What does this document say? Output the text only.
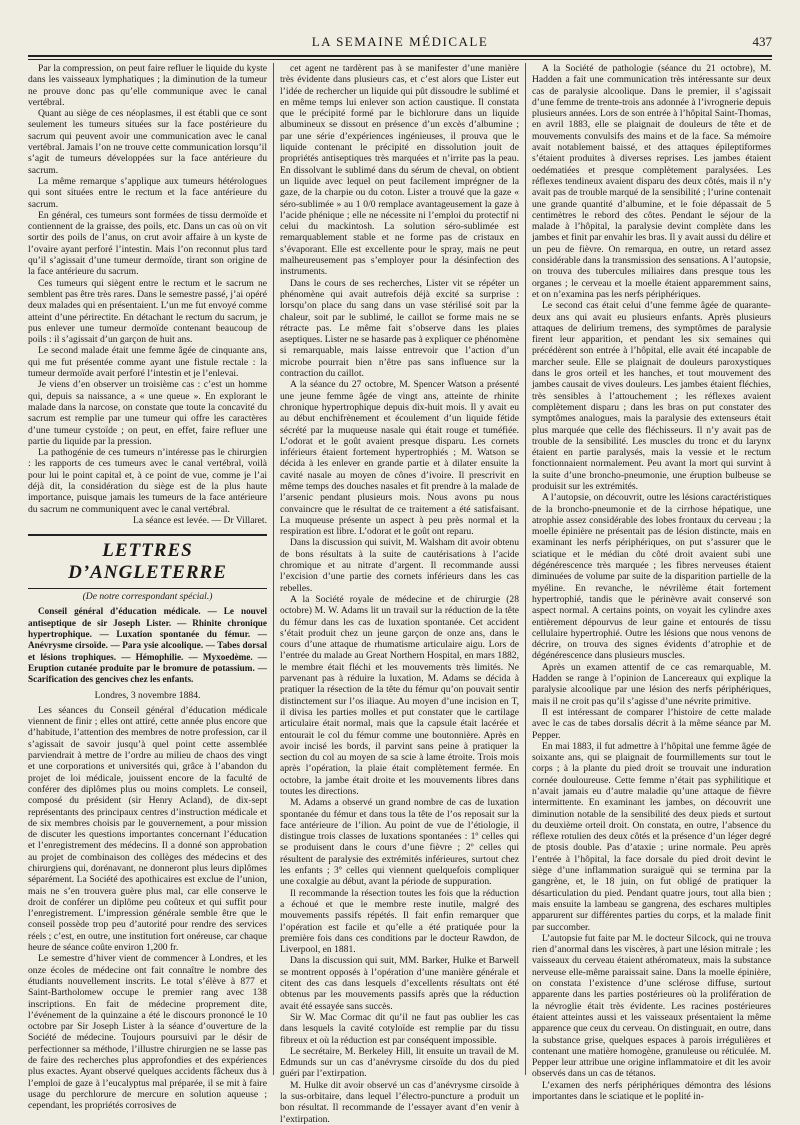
LA SEMAINE MÉDICALE	437

Par la compression, on peut faire refluer le liquide du kyste dans les vaisseaux lymphatiques ; la diminution de la tumeur ne prouve donc pas qu’elle communique avec le canal vertébral.

Quant au siège de ces néoplasmes, il est établi que ce sont seulement les tumeurs situées sur la face postérieure du sacrum qui peuvent avoir une communication avec le canal vertébral. Jamais l’on ne trouve cette communication lorsqu’il s’agit de tumeurs développées sur la face antérieure du sacrum.

La même remarque s’applique aux tumeurs hétérologues qui sont situées entre le rectum et la face antérieure du sacrum.

En général, ces tumeurs sont formées de tissu dermoïde et contiennent de la graisse, des poils, etc. Dans un cas où on vit sortir des poils de l’anus, on crut avoir affaire à un kyste de l’ovaire ayant perforé l’intestin. Mais l’on reconnut plus tard qu’il s’agissait d’une tumeur dermoïde, tirant son origine de la face antérieure du sacrum.

Ces tumeurs qui siègent entre le rectum et le sacrum ne semblent pas être très rares. Dans le semestre passé, j’ai opéré deux malades qui en présentaient. L’un me fut envoyé comme atteint d’une périrectite. En détachant le rectum du sacrum, je pus enlever une tumeur dermoïde contenant beaucoup de poils : il s’agissait d’un garçon de huit ans.

Le second malade était une femme âgée de cinquante ans, qui me fut présentée comme ayant une fistule rectale : la tumeur dermoïde avait perforé l’intestin et je l’enlevai.

Je viens d’en observer un troisième cas : c’est un homme qui, depuis sa naissance, a « une queue ». En explorant le malade dans la narcose, on constate que toute la concavité du sacrum est remplie par une tumeur qui offre les caractères d’une tumeur cystoïde ; on peut, en effet, faire refluer une partie du liquide par la pression.

La pathogénie de ces tumeurs n’intéresse pas le chirurgien : les rapports de ces tumeurs avec le canal vertébral, voilà pour lui le point capital et, à ce point de vue, comme je l’ai déjà dit, la considération du siège est de la plus haute importance, puisque jamais les tumeurs de la face antérieure du sacrum ne communiquent avec le canal vertébral.

La séance est levée. — Dr Villaret.

LETTRES D’ANGLETERRE
(De notre correspondant spécial.)

Conseil général d’éducation médicale. — Le nouvel antiseptique de sir Joseph Lister. — Rhinite chronique hypertrophique. — Luxation spontanée du fémur. — Anévrysme cirsoïde. — Para ysie alcoolique. — Tabes dorsal et lésions trophiques. — Hémophilie. — Myxoedème. — Eruption cutanée produite par le bromure de potassium. — Scarification des gencives chez les enfants.

Londres, 3 novembre 1884.

Les séances du Conseil général d’éducation médicale viennent de finir ; elles ont attiré, cette année plus encore que d’habitude, l’attention des membres de notre profession, car il s’agissait de savoir jusqu’à quel point cette assemblée parviendrait à mettre de l’ordre au milieu de chaos des vingt et une corporations et universités qui, grâce à l’abandon du projet de loi médicale, jouissent encore de la faculté de conférer des diplômes plus ou moins complets. Le conseil, composé du président (sir Henry Acland), de dix-sept représentants des principaux centres d’instruction médicale et de six membres choisis par le gouvernement, a pour mission de discuter les questions importantes concernant l’éducation et l’enregistrement des médecins. Il a donné son approbation au projet de combinaison des collèges des médecins et des chirurgiens qui, dorénavant, ne donneront plus leurs diplômes séparément. La Société des apothicaires est exclue de l’union, mais ne s’en trouvera guère plus mal, car elle conserve le droit de conférer un diplôme peu coûteux et qui suffit pour l’enregistrement. L’impression générale semble être que le conseil possède trop peu d’autorité pour rendre des services réels ; c’est, en outre, une institution fort onéreuse, car chaque heure de séance coûte environ 1,200 fr.

Le semestre d’hiver vient de commencer à Londres, et les onze écoles de médecine ont fait connaître le nombre des étudiants nouvellement inscrits. Le total s’élève à 877 et Saint-Bartholomew occupe le premier rang avec 138 inscriptions. En fait de médecine proprement dite, l’événement de la quinzaine a été le discours prononcé le 10 octobre par Sir Joseph Lister à la séance d’ouverture de la Société de médecine. Toujours poursuivi par le désir de perfectionner sa méthode, l’illustre chirurgien ne se lasse pas de faire des recherches plus approfondies et des expériences plus exactes. Ayant observé quelques accidents fâcheux dus à l’emploi de gaze à l’eucalyptus mal préparée, il se mit à faire usage du perchlorure de mercure en solution aqueuse ; cependant, les propriétés corrosives de

cet agent ne tardèrent pas à se manifester d’une manière très évidente dans plusieurs cas, et c’est alors que Lister eut l’idée de rechercher un liquide qui pût dissoudre le sublimé et en même temps lui enlever son action caustique. Il constata que le précipité formé par le bichlorure dans un liquide albumineux se dissout en présence d’un excès d’albumine ; par une série d’expériences ingénieuses, il prouva que le liquide contenant le précipité en dissolution jouit de propriétés antiseptiques très marquées et n’irrite pas la peau. En dissolvant le sublimé dans du sérum de cheval, on obtient un liquide avec lequel on peut facilement imprégner de la gaze, de la charpie ou du coton. Lister a trouvé que la gaze « séro-sublimée » au 1 0/0 remplace avantageusement la gaze à l’acide phénique ; elle ne nécessite ni l’emploi du protectif ni celui du mackintosh. La solution séro-sublimée est remarquablement stable et ne forme pas de cristaux en s’évaporant. Elle est excellente pour le spray, mais ne peut malheureusement pas s’employer pour la désinfection des instruments.

Dans le cours de ses recherches, Lister vit se répéter un phénomène qui avait autrefois déjà excité sa surprise : lorsqu’on place du sang dans un vase stérilisé soit par la chaleur, soit par le sublimé, le caillot se forme mais ne se rétracte pas. Le même fait s’observe dans les plaies aseptiques. Lister ne se hasarde pas à expliquer ce phénomène si remarquable, mais laisse entrevoir que l’action d’un microbe pourrait bien n’être pas sans influence sur la contraction du caillot.

A la séance du 27 octobre, M. Spencer Watson a présenté une jeune femme âgée de vingt ans, atteinte de rhinite chronique hypertrophique depuis dix-huit mois. Il y avait eu au début enchifrènement et écoulement d’un liquide fétide sécrété par la muqueuse nasale qui était rouge et tuméfiée. L’odorat et le goût avaient presque disparu. Les cornets inférieurs étaient fortement hypertrophiés ; M. Watson se décida à les enlever en grande partie et à dilater ensuite la cavité nasale au moyen de cônes d’ivoire. Il prescrivit en même temps des douches nasales et fit prendre à la malade de l’arsenic pendant plusieurs mois. Nous avons pu nous convaincre que le résultat de ce traitement a été satisfaisant. La muqueuse présente un aspect à peu près normal et la respiration est libre. L’odorat et le goût ont reparu.

Dans la discussion qui suivit, M. Walsham dit avoir obtenu de bons résultats à la suite de cautérisations à l’acide chromique et au nitrate d’argent. Il recommande aussi l’excision d’une partie des cornets inférieurs dans les cas rebelles.

A la Société royale de médecine et de chirurgie (28 octobre) M. W. Adams lit un travail sur la réduction de la tête du fémur dans les cas de luxation spontanée. Cet accident s’était produit chez un jeune garçon de onze ans, dans le cours d’une attaque de rhumatisme articulaire aigu. Lors de l’entrée du malade au Great Northern Hospital, en mars 1882, le membre était fléchi et les mouvements très limités. Ne parvenant pas à réduire la luxation, M. Adams se décida à pratiquer la résection de la tête du fémur qu’on pouvait sentir distinctement sur l’os iliaque. Au moyen d’une incision en T, il divisa les parties molles et put constater que le cartilage articulaire était normal, mais que la capsule était lacérée et entourait le col du fémur comme une boutonnière. Après en avoir incisé les bords, il parvint sans peine à pratiquer la section du col au moyen de sa scie à lame étroite. Trois mois après l’opération, la plaie était complètement fermée. En octobre, la jambe était droite et les mouvements libres dans toutes les directions.

M. Adams a observé un grand nombre de cas de luxation spontanée du fémur et dans tous la tête de l’os reposait sur la face antérieure de l’ilion. Au point de vue de l’étiologie, il distingue trois classes de luxations spontanées : 1º celles qui se produisent dans le cours d’une fièvre ; 2º celles qui résultent de paralysie des extrémités inférieures, surtout chez les enfants ; 3º celles qui viennent quelquefois compliquer une coxalgie au début, avant la période de suppuration.

Il recommande la résection toutes les fois que la réduction a échoué et que le membre reste inutile, malgré des mouvements passifs répétés. Il fait enfin remarquer que l’opération est facile et qu’elle a été pratiquée pour la première fois dans ces conditions par le docteur Rawdon, de Liverpool, en 1881.

Dans la discussion qui suit, MM. Barker, Hulke et Barwell se montrent opposés à l’opération d’une manière générale et citent des cas dans lesquels d’excellents résultats ont été obtenus par les mouvements passifs après que la réduction avait été essayée sans succès.

Sir W. Mac Cormac dit qu’il ne faut pas oublier les cas dans lesquels la cavité cotyloïde est remplie par du tissu fibreux et où la réduction est par conséquent impossible.

Le secrétaire, M. Berkeley Hill, lit ensuite un travail de M. Edmunds sur un cas d’anévrysme cirsoïde du dos du pied guéri par l’extirpation.

M. Hulke dit avoir observé un cas d’anévrysme cirsoïde à la sus-orbitaire, dans lequel l’électro-puncture a produit un bon résultat. Il recommande de l’essayer avant d’en venir à l’extirpation.

A la Société de pathologie (séance du 21 octobre), M. Hadden a fait une communication très intéressante sur deux cas de paralysie alcoolique. Dans le premier, il s’agissait d’une femme de trente-trois ans adonnée à l’ivrognerie depuis plusieurs années. Lors de son entrée à l’hôpital Saint-Thomas, en avril 1883, elle se plaignait de douleurs de tête et de mouvements convulsifs des mains et de la face. Sa mémoire avait notablement baissé, et des attaques épileptiformes s’étaient produites à diverses reprises. Les jambes étaient oedématiées et presque complètement paralysées. Les réflexes tendineux avaient disparu des deux côtés, mais il n’y avait pas de trouble marqué de la sensibilité ; l’urine contenait une grande quantité d’albumine, et le foie dépassait de 5 centimètres le rebord des côtes. Pendant le séjour de la malade à l’hôpital, la paralysie devint complète dans les jambes et finit par envahir les bras. Il y avait aussi du délire et un peu de fièvre. On remarqua, en outre, un retard assez considérable dans la transmission des sensations. A l’autopsie, on trouva des tubercules miliaires dans presque tous les organes ; le cerveau et la moelle étaient apparemment sains, et on n’examina pas les nerfs périphériques.

Le second cas était celui d’une femme âgée de quarante-deux ans qui avait eu plusieurs enfants. Après plusieurs attaques de delirium tremens, des symptômes de paralysie firent leur apparition, et pendant les six semaines qui précédèrent son entrée à l’hôpital, elle avait été incapable de marcher seule. Elle se plaignait de douleurs paroxystiques dans le gros orteil et les hanches, et tout mouvement des jambes causait de vives douleurs. Les jambes étaient fléchies, très sensibles à l’attouchement ; les réflexes avaient complètement disparu ; dans les bras on put constater des symptômes analogues, mais la paralysie des extenseurs était plus marquée que celle des fléchisseurs. Il n’y avait pas de trouble de la sensibilité. Les muscles du tronc et du larynx étaient en partie paralysés, mais la vessie et le rectum fonctionnaient normalement. Peu avant la mort qui survint à la suite d’une broncho-pneumonie, une éruption bulbeuse se produisit sur les extrémités.

A l’autopsie, on découvrit, outre les lésions caractéristiques de la broncho-pneumonie et de la cirrhose hépatique, une atrophie assez considérable des lobes frontaux du cerveau ; la moelle épinière ne présentait pas de lésion distincte, mais en examinant les nerfs périphériques, on put s’assurer que le sciatique et le médian du côté droit avaient subi une dégénérescence très marquée ; les fibres nerveuses étaient diminuées de volume par suite de la disparition partielle de la myéline. En revanche, le névrilème était fortement hypertrophié, tandis que le périnèvre avait conservé son aspect normal. A certains points, on voyait les cylindre axes entièrement dépourvus de leur gaine et entourés de tissu cellulaire hypertrophié. Outre les lésions que nous venons de décrire, on trouva des signes évidents d’atrophie et de dégénérescence dans plusieurs muscles.

Après un examen attentif de ce cas remarquable, M. Hadden se range à l’opinion de Lancereaux qui explique la paralysie alcoolique par une lésion des nerfs périphériques, mais il ne croit pas qu’il s’agisse d’une névrite primitive.

Il est intéressant de comparer l’histoire de cette malade avec le cas de tabes dorsalis décrit à la même séance par M. Pepper.

En mai 1883, il fut admettre à l’hôpital une femme âgée de soixante ans, qui se plaignait de fourmillements sur tout le corps ; à la plante du pied droit se trouvait une induration cornée douloureuse. Cette femme n’était pas syphilitique et n’avait jamais eu d’autre maladie qu’une attaque de fièvre intermittente. En examinant les jambes, on découvrit une diminution notable de la sensibilité des deux pieds et surtout du deuxième orteil droit. On constata, en outre, l’absence du réflexe rotulien des deux côtés et la présence d’un léger degré de ptosis double. Pas d’ataxie ; urine normale. Peu après l’entrée à l’hôpital, la face dorsale du pied droit devint le siège d’une inflammation suraiguë qui se termina par la gangrène, et, le 18 juin, on fut obligé de pratiquer la désarticulation du pied. Pendant quatre jours, tout alla bien ; mais ensuite la lambeau se gangrena, des eschares multiples apparurent sur différentes parties du corps, et la malade finit par succomber.

L’autopsie fut faite par M. le docteur Silcock, qui ne trouva rien d’anormal dans les viscères, à part une lésion mitrale ; les vaisseaux du cerveau étaient athéromateux, mais la substance nerveuse elle-même paraissait saine. Dans la moelle épinière, on constata l’existence d’une sclérose diffuse, surtout apparente dans les parties postérieures où la prolifération de la névroglie était très évidente. Les racines postérieures étaient atteintes aussi et les vaisseaux présentaient la même apparence que ceux du cerveau. On distinguait, en outre, dans la substance grise, quelques espaces à parois irrégulières et contenant une matière homogène, granuleuse ou réticulée. M. Pepper leur attribue une origine inflammatoire et dit les avoir observés dans un cas de tétanos.

L’examen des nerfs périphériques démontra des lésions importantes dans le sciatique et le poplité in-
